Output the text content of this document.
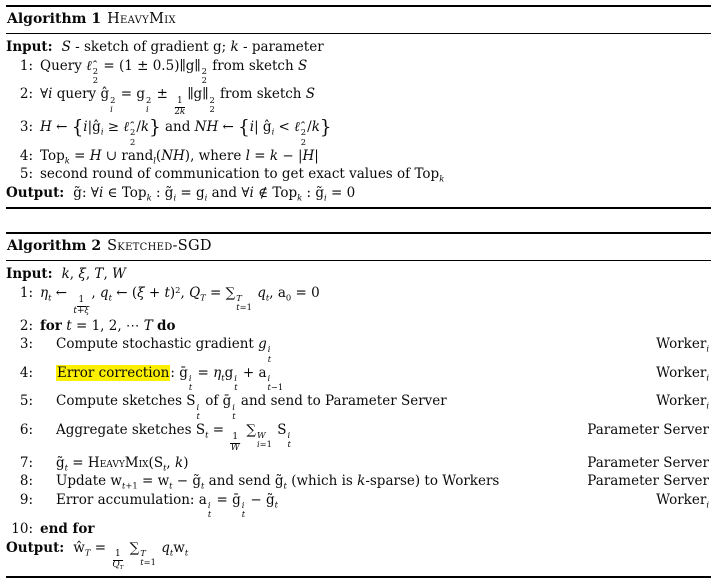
Algorithm 1 HeavyMix
Input: S - sketch of gradient g; k - parameter
1: Query ℓ̂ 2
2
= (1 ± 0.5)∥g∥ 2
2
from sketch S
2: ∀i query ĝ 2
i
= g 2
i
±
$\frac{1}{2k}$
∥g∥ 2
2
from sketch S
3: H ← {$i|ĝ_i$ ≥ ℓ̂ 2
2
/k} and NH ← {i| $ĝ_i$ < ℓ̂ 2
2
/k}
4: Top$_k$ = H ∪ rand$_l$(NH), where l = k − |H|
5: second round of communication to get exact values of Top$_k$
Output: g̃: ∀i ∈ Top$_k$ : $g̃_i = g_i$ and ∀i ∉ Top$_k$ : $g̃_i = 0$
Algorithm 2 Sketched-SGD
Input: k, ξ, T, W
1: $\eta_t$ ←
$\frac{1}{t+\xi}$
, $q_t$ ← $(\xi + t)^2$, $Q_T$ = ∑ T
t=1
$q_t$, $a_0 = 0$
2: for t = 1, 2, ⋯ T do
3:	Compute stochastic gradient g i
t
Worker$_i$
4:	Error correction: ḡ i
t
= $\eta_tg$ i
t
+ a i
t−1
Worker$_i$
5:	Compute sketches S i
t
of ḡ i
t
and send to Parameter Server	Worker$_i$
6:	Aggregate sketches $S_t$ =
$\frac{1}{W}$
∑ W
i=1
S i
t
Parameter Server
7:	$g̃_t$ = $HeavyMix(S_t$, k)	Parameter Server
8:	Update $w_{t+1} = w_t$ − $g̃_t$ and send $g̃_t$ (which is k-sparse) to Workers	Parameter Server
9:	Error accumulation: a i
t
= ḡ i
t
− $g̃_t$	Worker$_i$
10: end for
Output: $ŵ_T$ =
$\frac{1}{Q_T}$
∑ T
t=1
$q_tw_t$
